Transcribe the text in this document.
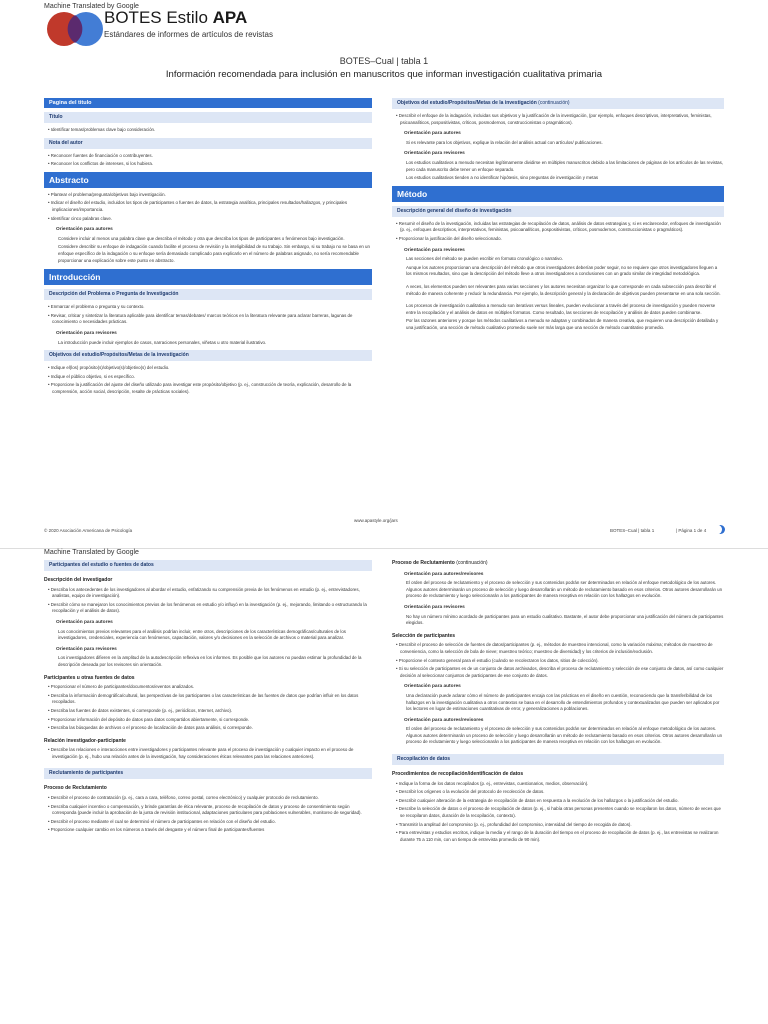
Machine Translated by Google
BOTES Estilo APA
Estándares de informes de artículos de revistas
BOTES–Cual | tabla 1
Información recomendada para inclusión en manuscritos que informan investigación cualitativa primaria
Pagina del titulo
Título
• Identificar temas/problemas clave bajo consideración.
Nota del autor
• Reconocer fuentes de financiación o contribuyentes.
• Reconocer los conflictos de intereses, si los hubiera.
Abstracto
• Plantear el problema/pregunta/objetivos bajo investigación.
• Indicar el diseño del estudio, incluidos los tipos de participantes o fuentes de datos, la estrategia analítica, principales resultados/hallazgos, y principales implicaciones/importancia.
• Identificar cinco palabras clave.
Orientación para autores
Considere incluir al menos una palabra clave que describa el método y otra que describa los tipos de participantes o fenómenos bajo investigación.
Considere describir su enfoque de indagación cuando facilite el proceso de revisión y la inteligibilidad de su trabajo. Sin embargo, si su trabajo no se basa en un enfoque específico de la indagación o su enfoque sería demasiado complicado para explicarlo en el número de palabras asignado, no sería recomendable proporcionar una explicación sobre este punto en abstracto.
Introducción
Descripción del Problema o Pregunta de Investigación
• Enmarcar el problema o pregunta y su contexto.
• Revisar, criticar y sintetizar la literatura aplicable para identificar temas/debates/ marcos teóricos en la literatura relevante para aclarar barreras, lagunas de conocimiento o necesidades prácticas.
Orientación para revisores
La introducción puede incluir ejemplos de casos, narraciones personales, viñetas u otro material ilustrativo.
Objetivos del estudio/Propósitos/Metas de la investigación
• Indique el(los) propósito(s)/objetivo(s)/objetivo(s) del estudio.
• Indique el público objetivo, si es específico.
• Proporcione la justificación del ajuste del diseño utilizado para investigar este propósito/objetivo (p. ej., construcción de teoría, explicación, desarrollo de la comprensión, acción social, descripción, resalte de prácticas sociales).
Objetivos del estudio/Propósitos/Metas de la investigación (continuación)
• Describir el enfoque de la indagación, incluidas sus objetivos y la justificación de la investigación, (por ejemplo, enfoques descriptivos, interpretativos, feministas, psicoanalíticos, pospositivistas, críticos, posmodernos, construccionistas o pragmáticos).
Orientación para autores
Si es relevante para los objetivos, explique la relación del análisis actual con artículos/ publicaciones.
Orientación para revisores
Los estudios cualitativos a menudo necesitan legítimamente dividirse en múltiples manuscritos debido a las limitaciones de páginas de los artículos de las revistas, pero cada manuscrito debe tener un enfoque separado.
Los estudios cualitativos tienden a no identificar hipótesis, sino preguntas de investigación y metas
Método
Descripción general del diseño de investigación
• Resumir el diseño de la investigación, incluidas las estrategias de recopilación de datos, análisis de datos estrategias y, si es esclarecedor, enfoques de investigación (p. ej., enfoques descriptivos, interpretativos, feministas, psicoanalíticos, pospositivistas, críticos, posmodernos, construccionistas o pragmáticos).
• Proporcionar la justificación del diseño seleccionado.
Orientación para revisores
Las secciones del método se pueden escribir en formato cronológico o narrativo.
Aunque los autores proporcionan una descripción del método que otros investigadores deberían poder seguir, no se requiere que otros investigadores lleguen a los mismos resultados, sino que la descripción del método lleve a otros investigadores a conclusiones con un grado similar de integridad metodológica.
A veces, los elementos pueden ser relevantes para varias secciones y los autores necesitan organizar lo que corresponde en cada subsección para describir el método de manera coherente y reducir la redundancia. Por ejemplo, la descripción general y la declaración de objetivos pueden presentarse en una sola sección.
Los procesos de investigación cualitativa a menudo son iterativos versus lineales, pueden evolucionar a través del proceso de investigación y pueden moverse entre la recopilación y el análisis de datos en múltiples formatos. Como resultado, las secciones de recopilación y análisis de datos pueden combinarse.
Por las razones anteriores y porque los métodos cualitativos a menudo se adaptan y combinados de manera creativa, que requieren una descripción detallada y una justificación, una sección de método cualitativo promedio suele ser más larga que una sección de método cuantitativo promedio.
© 2020 Asociación Americana de Psicología
www.apastyle.org/jars
BOTES–Cual | tabla 1	| Página 1 de 4
Machine Translated by Google
Participantes del estudio o fuentes de datos
Descripción del investigador
• Describa los antecedentes de los investigadores al abordar el estudio, enfatizando su comprensión previa de los fenómenos en estudio (p. ej., entrevistadores, analistas, equipo de investigación).
• Describir cómo se manejaron los conocimientos previos de los fenómenos en estudio y/o influyó en la investigación (p. ej., mejorando, limitando o estructurando la recopilación y el análisis de datos).
Orientación para autores
Los conocimientos previos relevantes para el análisis podrían incluir, entre otros, descripciones de los características demográficas/culturales de los investigadores, credenciales, experiencia con fenómenos, capacitación, valores y/o decisiones en la selección de archivos o material para analizar.
Orientación para revisores
Los investigadores difieren en la amplitud de la autodescripción reflexiva en los informes. Es posible que los autores no puedan estimar la profundidad de la descripción deseada por los revisores sin orientación.
Participantes u otras fuentes de datos
• Proporcionar el número de participantes/documentos/eventos analizados.
• Describa la información demográfica/cultural, las perspectivas de los participantes o las características de las fuentes de datos que podrían influir en los datos recopilados.
• Describa las fuentes de datos existentes, si corresponde (p. ej., periódicos, Internet, archivo).
• Proporcionar información del depósito de datos para datos compartidos abiertamente, si corresponde.
• Describa las búsquedas de archivos o el proceso de localización de datos para análisis, si corresponde.
Relación investigador-participante
• Describe las relaciones e interacciones entre investigadores y participantes relevante para el proceso de investigación y cualquier impacto en el proceso de investigación (p. ej., hubo una relación antes de la investigación, hay consideraciones éticas relevantes para las relaciones anteriores).
Reclutamiento de participantes
Proceso de Reclutamiento
• Describir el proceso de contratación (p. ej., cara a cara, teléfono, correo postal, correo electrónico) y cualquier protocolo de reclutamiento.
• Describa cualquier incentivo o compensación, y brinde garantías de ética relevante, proceso de recopilación de datos y proceso de consentimiento según corresponda (puede incluir la aprobación de la junta de revisión institucional, adaptaciones particulares para poblaciones vulnerables, monitoreo de seguridad).
• Describir el proceso mediante el cual se determinó el número de participantes en relación con el diseño del estudio.
• Proporcione cualquier cambio en los números a través del desgaste y el número final de participantes/fuentes
Proceso de Reclutamiento (continuación)
Orientación para autores/revisores
El orden del proceso de reclutamiento y el proceso de selección y sus contenidos podrán ser determinados en relación al enfoque metodológico de los autores. Algunos autores determinarán un proceso de selección y luego desarrollarán un método de reclutamiento basado en esos criterios. Otros autores desarrollarán un proceso de reclutamiento y luego seleccionarán a los participantes de manera receptiva en relación con los hallazgos en evolución.
Orientación para revisores
No hay un número mínimo acordado de participantes para un estudio cualitativo. Bastante, el autor debe proporcionar una justificación del número de participantes elegidos.
Selección de participantes
• Describir el proceso de selección de fuentes de datos/participantes (p. ej., métodos de muestreo intencional, como la variación máxima; métodos de muestreo de conveniencia, como la selección de bola de nieve; muestreo teórico; muestreo de diversidad) y los criterios de inclusión/exclusión.
• Proporcione el contexto general para el estudio (cuándo se recolectaron los datos, sitios de colección).
• Si su selección de participantes es de un conjunto de datos archivados, describa el proceso de reclutamiento y selección de ese conjunto de datos, así como cualquier decisión al seleccionar conjuntos de participantes de ese conjunto de datos.
Orientación para autores
Una declaración puede aclarar cómo el número de participantes encaja con las prácticas en el diseño en cuestión, reconociendo que la transferibilidad de los hallazgos en la investigación cualitativa a otros contextos se basa en el desarrollo de entendimientos profundos y contextualizados que pueden ser aplicados por los lectores en lugar de estimaciones cuantitativas de error, y generalizaciones a poblaciones.
Orientación para autores/revisores
El orden del proceso de reclutamiento y el proceso de selección y sus contenidos podrán ser determinados en relación al enfoque metodológico de los autores. Algunos autores determinarán un proceso de selección y luego desarrollarán un método de reclutamiento basado en esos criterios. Otros autores desarrollarán un proceso de reclutamiento y luego seleccionarán a los participantes de manera receptiva en relación con los hallazgos en evolución.
Recopilación de datos
Procedimientos de recopilación/identificación de datos
• Indique la forma de los datos recopilados (p. ej., entrevistas, cuestionarios, medios, observación).
• Describir los orígenes o la evolución del protocolo de recolección de datos.
• Describir cualquier alteración de la estrategia de recopilación de datos en respuesta a la evolución de los hallazgos o la justificación del estudio.
• Describe la selección de datos o el proceso de recopilación de datos (p. ej., si había otras personas presentes cuando se recopilaron los datos, número de veces que se recopilaron datos, duración de la recopilación, contexto).
• Transmitir la amplitud del compromiso (p. ej., profundidad del compromiso, intensidad del tiempo de recogida de datos).
• Para entrevistas y estudios escritos, indique la media y el rango de la duración del tiempo en el proceso de recopilación de datos (p. ej., las entrevistas se realizaron durante 75 a 110 min, con un tiempo de entrevista promedio de 90 min).
